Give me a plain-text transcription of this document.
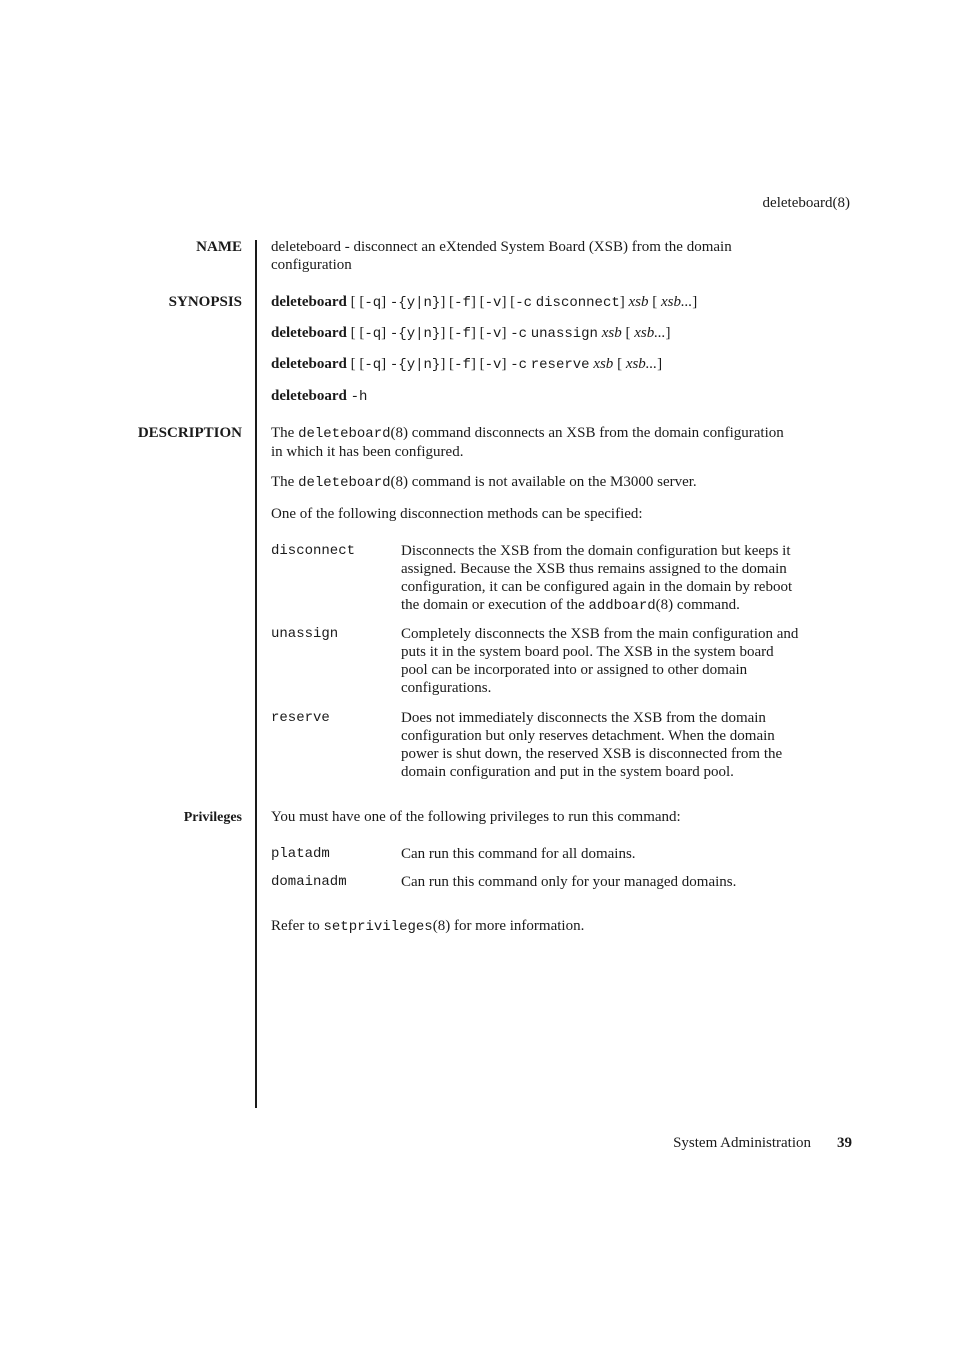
deleteboard(8)
NAME deleteboard - disconnect an eXtended System Board (XSB) from the domain
configuration
SYNOPSIS deleteboard [ [-q] -{y|n}] [-f] [-v] [-c disconnect] xsb [ xsb...]
deleteboard [ [-q] -{y|n}] [-f] [-v] -c unassign xsb [ xsb...]
deleteboard [ [-q] -{y|n}] [-f] [-v] -c reserve xsb [ xsb...]
deleteboard -h
DESCRIPTION The deleteboard(8) command disconnects an XSB from the domain configuration
in which it has been configured.
The deleteboard(8) command is not available on the M3000 server.
One of the following disconnection methods can be specified:
disconnect	Disconnects the XSB from the domain configuration but keeps it
assigned. Because the XSB thus remains assigned to the domain
configuration, it can be configured again in the domain by reboot
the domain or execution of the addboard(8) command.
unassign	Completely disconnects the XSB from the main configuration and
puts it in the system board pool. The XSB in the system board
pool can be incorporated into or assigned to other domain
configurations.
reserve	Does not immediately disconnects the XSB from the domain
configuration but only reserves detachment. When the domain
power is shut down, the reserved XSB is disconnected from the
domain configuration and put in the system board pool.
Privileges You must have one of the following privileges to run this command:
platadm	Can run this command for all domains.
domainadm	Can run this command only for your managed domains.
Refer to setprivileges(8) for more information.
System Administration 39
